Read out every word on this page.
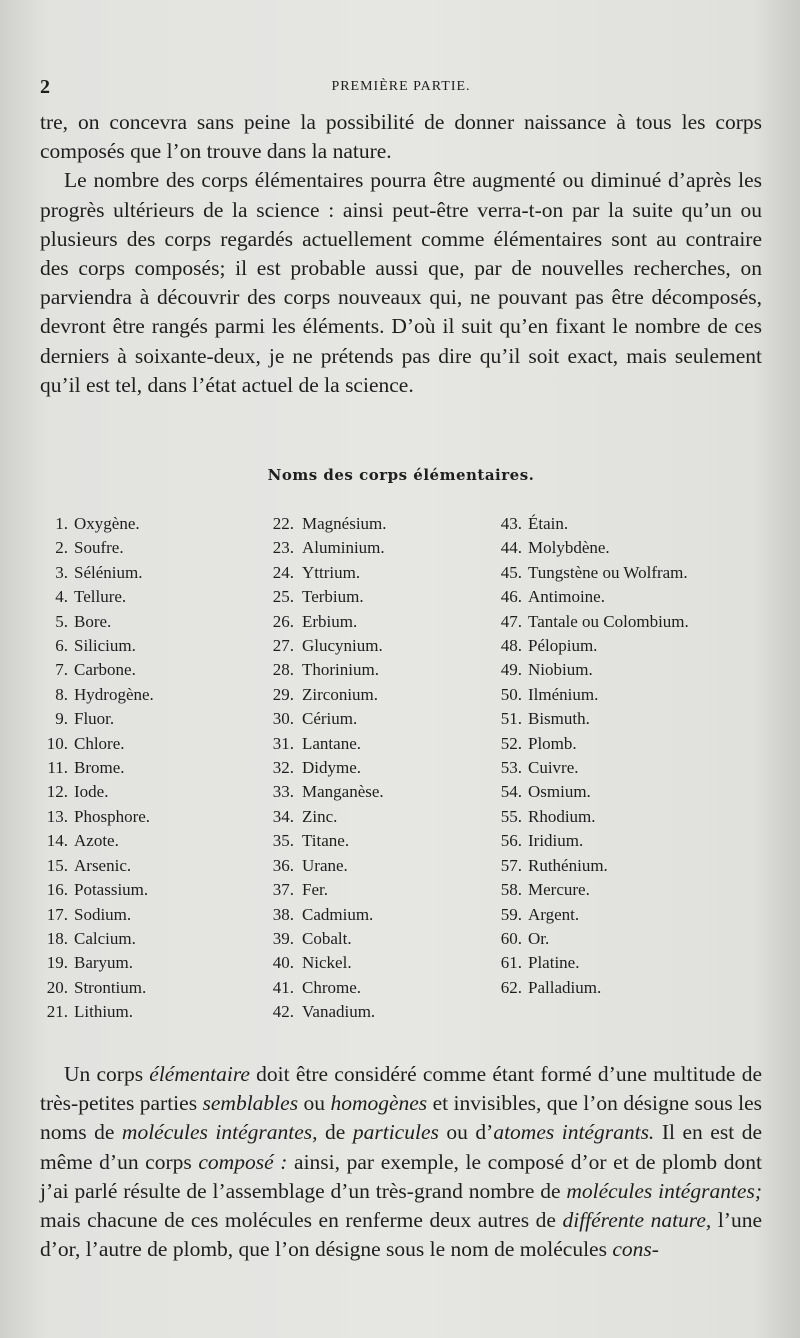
2	PREMIÈRE PARTIE.

tre, on concevra sans peine la possibilité de donner naissance à tous les corps composés que l’on trouve dans la nature.

Le nombre des corps élémentaires pourra être augmenté ou diminué d’après les progrès ultérieurs de la science : ainsi peut-être verra-t-on par la suite qu’un ou plusieurs des corps regardés actuellement comme élémentaires sont au contraire des corps composés; il est probable aussi que, par de nouvelles recherches, on parviendra à découvrir des corps nouveaux qui, ne pouvant pas être décomposés, devront être rangés parmi les éléments. D’où il suit qu’en fixant le nombre de ces derniers à soixante-deux, je ne prétends pas dire qu’il soit exact, mais seulement qu’il est tel, dans l’état actuel de la science.

Noms des corps élémentaires.
1. Oxygène.
2. Soufre.
3. Sélénium.
4. Tellure.
5. Bore.
6. Silicium.
7. Carbone.
8. Hydrogène.
9. Fluor.
10. Chlore.
11. Brome.
12. Iode.
13. Phosphore.
14. Azote.
15. Arsenic.
16. Potassium.
17. Sodium.
18. Calcium.
19. Baryum.
20. Strontium.
21. Lithium.
22. Magnésium.
23. Aluminium.
24. Yttrium.
25. Terbium.
26. Erbium.
27. Glucynium.
28. Thorinium.
29. Zirconium.
30. Cérium.
31. Lantane.
32. Didyme.
33. Manganèse.
34. Zinc.
35. Titane.
36. Urane.
37. Fer.
38. Cadmium.
39. Cobalt.
40. Nickel.
41. Chrome.
42. Vanadium.
43. Étain.
44. Molybdène.
45. Tungstène ou Wolfram.
46. Antimoine.
47. Tantale ou Colombium.
48. Pélopium.
49. Niobium.
50. Ilménium.
51. Bismuth.
52. Plomb.
53. Cuivre.
54. Osmium.
55. Rhodium.
56. Iridium.
57. Ruthénium.
58. Mercure.
59. Argent.
60. Or.
61. Platine.
62. Palladium.

Un corps élémentaire doit être considéré comme étant formé d’une multitude de très-petites parties semblables ou homogènes et invisibles, que l’on désigne sous les noms de molécules intégrantes, de particules ou d’atomes intégrants. Il en est de même d’un corps composé : ainsi, par exemple, le composé d’or et de plomb dont j’ai parlé résulte de l’assemblage d’un très-grand nombre de molécules intégrantes; mais chacune de ces molécules en renferme deux autres de différente nature, l’une d’or, l’autre de plomb, que l’on désigne sous le nom de molécules cons-
